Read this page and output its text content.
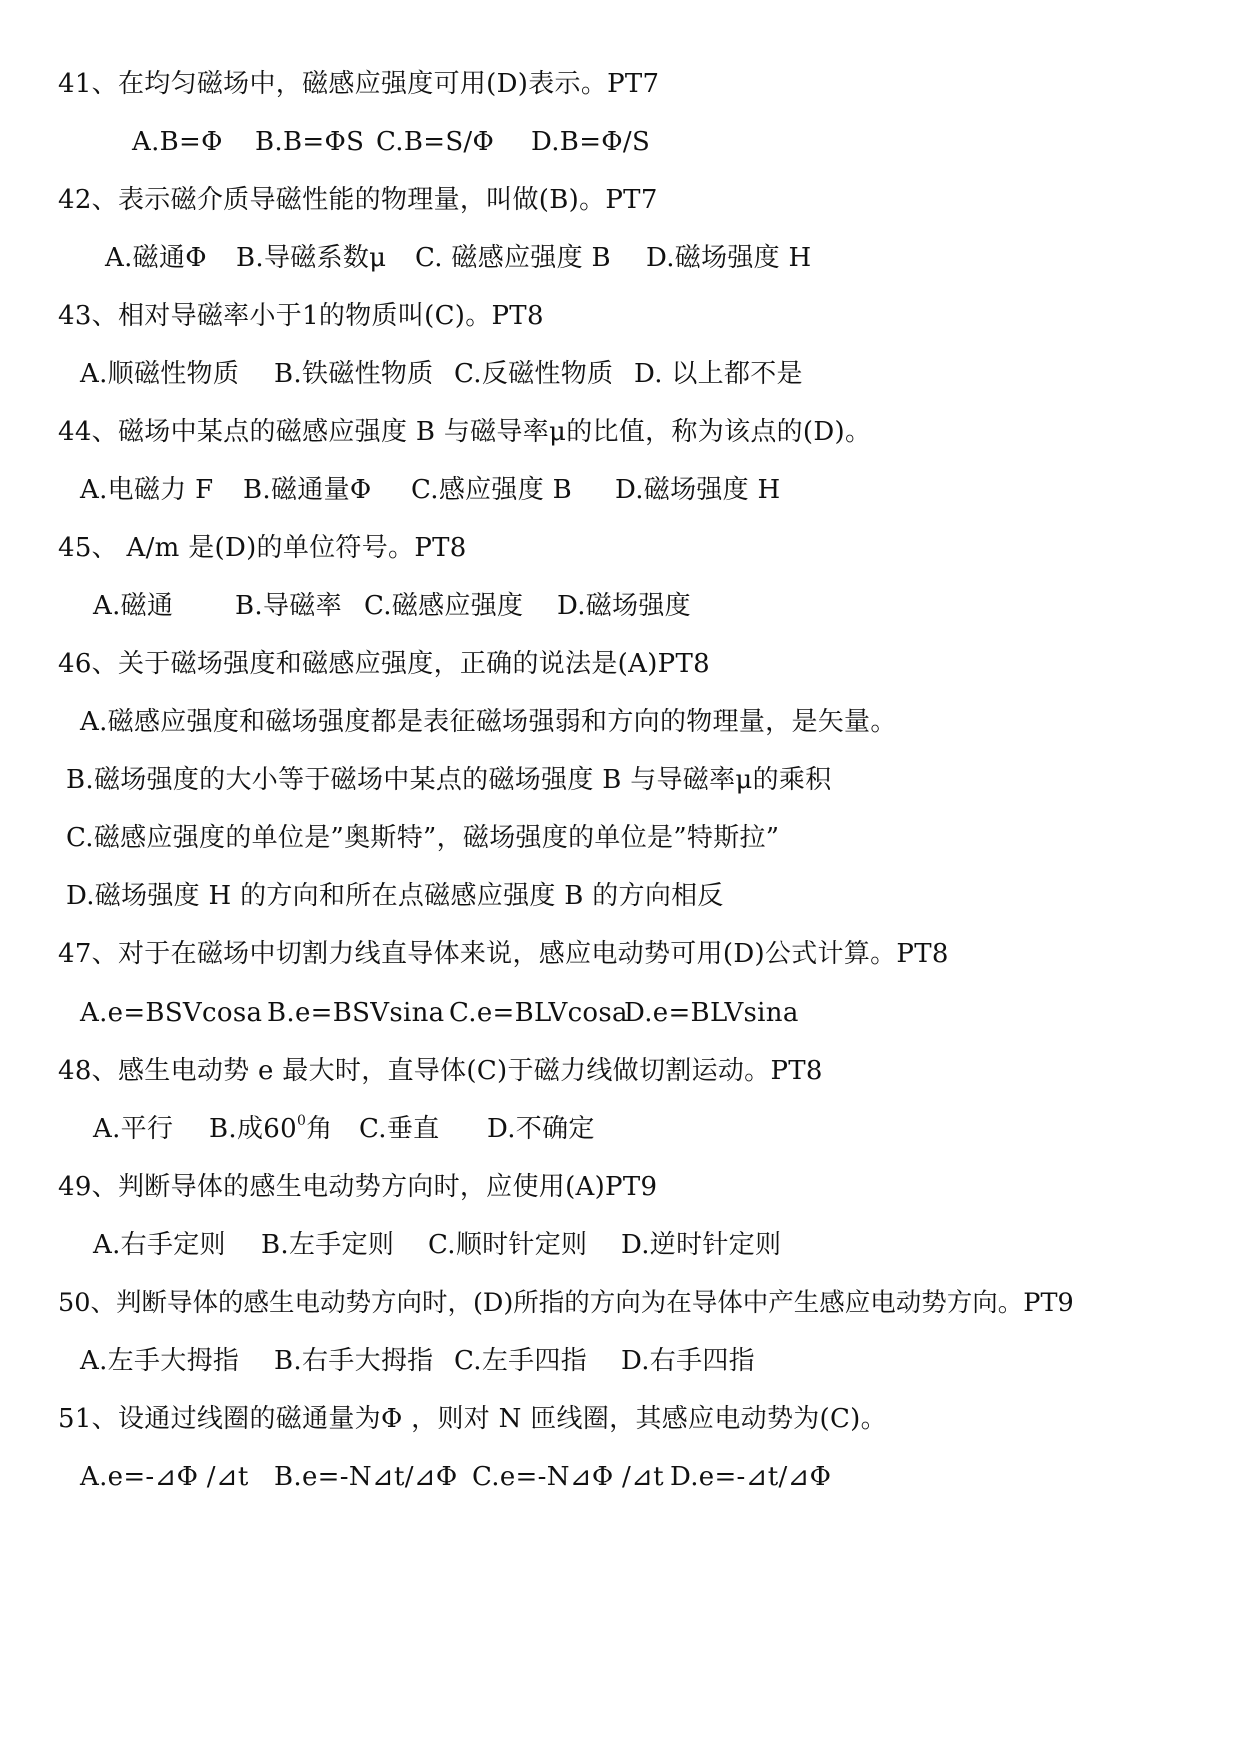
41、在均匀磁场中，磁感应强度可用(D)表示。PT7
A.B=Φ B.B=ΦS C.B=S/Φ D.B=Φ/S
42、表示磁介质导磁性能的物理量，叫做(B)。PT7
A.磁通Φ B.导磁系数μ C. 磁感应强度 B D.磁场强度 H
43、相对导磁率小于1的物质叫(C)。PT8
A.顺磁性物质 B.铁磁性物质 C.反磁性物质 D. 以上都不是
44、磁场中某点的磁感应强度 B 与磁导率μ的比值，称为该点的(D)。
A.电磁力 F B.磁通量Φ C.感应强度 B D.磁场强度 H
45、 A/m 是(D)的单位符号。PT8
A.磁通 B.导磁率 C.磁感应强度 D.磁场强度
46、关于磁场强度和磁感应强度，正确的说法是(A)PT8
A.磁感应强度和磁场强度都是表征磁场强弱和方向的物理量，是矢量。
B.磁场强度的大小等于磁场中某点的磁场强度 B 与导磁率μ的乘积
C.磁感应强度的单位是”奥斯特”，磁场强度的单位是”特斯拉”
D.磁场强度 H 的方向和所在点磁感应强度 B 的方向相反
47、对于在磁场中切割力线直导体来说，感应电动势可用(D)公式计算。PT8
A.e=BSVcosa B.e=BSVsina C.e=BLVcosa
D.e=BLVsina
48、感生电动势 e 最大时，直导体(C)于磁力线做切割运动。PT8
A.平行 B.成$60^0$角 C.垂直 D.不确定
49、判断导体的感生电动势方向时，应使用(A)PT9
A.右手定则 B.左手定则 C.顺时针定则 D.逆时针定则
50、判断导体的感生电动势方向时，(D)所指的方向为在导体中产生感应电动势方向。PT9
A.左手大拇指 B.右手大拇指 C.左手四指 D.右手四指
51、设通过线圈的磁通量为Φ ，则对 N 匝线圈，其感应电动势为(C)。
A.e=-⊿Φ /⊿t B.e=-N⊿t/⊿Φ C.e=-N⊿Φ /⊿t D.e=-⊿t/⊿Φ
